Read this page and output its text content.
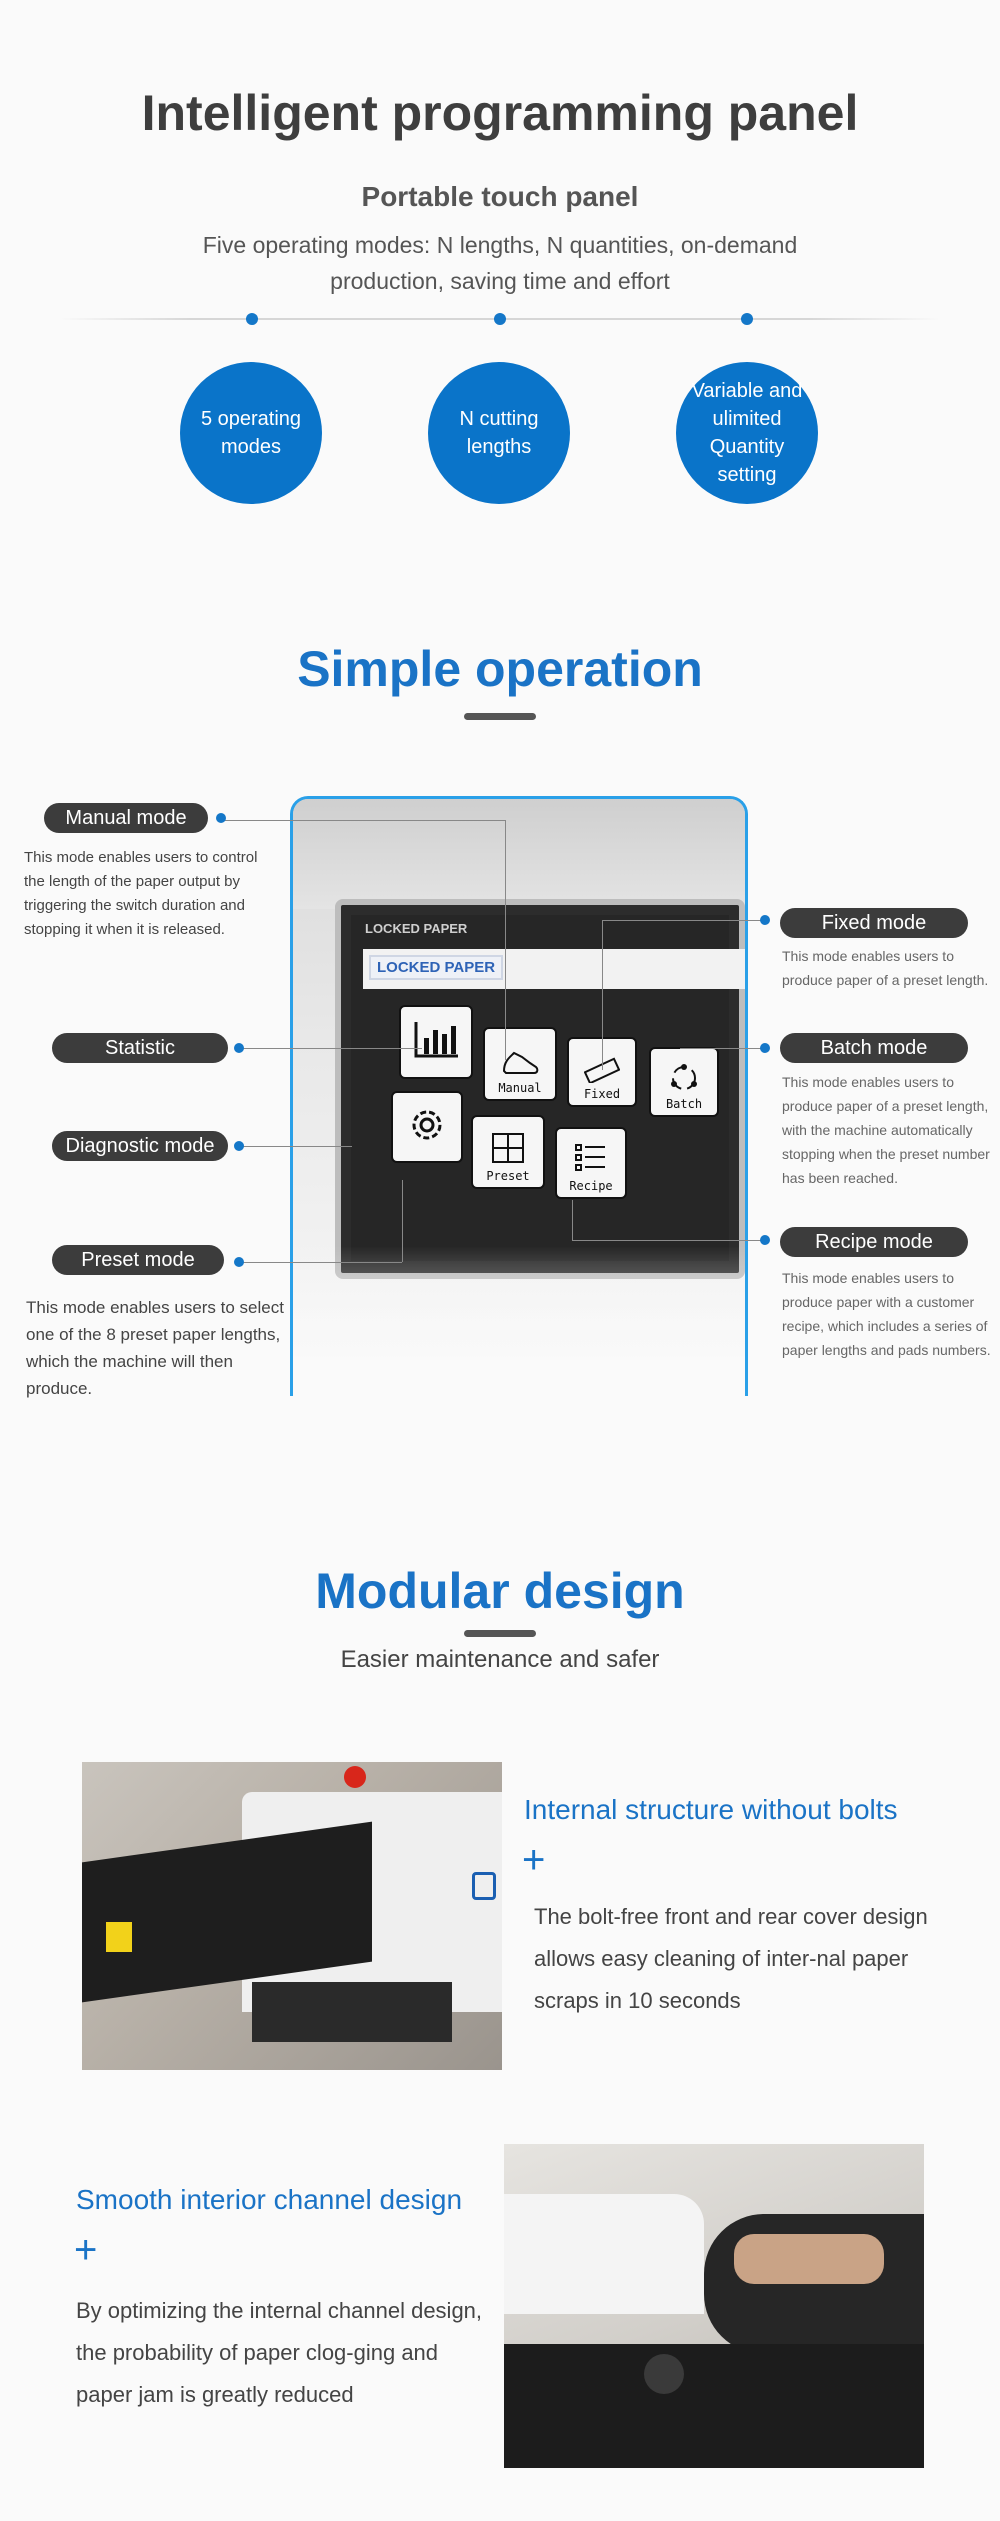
Intelligent programming panel
Portable touch panel
Five operating modes: N lengths, N quantities, on-demand production, saving time and effort
5 operating modes
N cutting lengths
Variable and ulimited Quantity setting
Simple operation
LOCKED PAPER
LOCKED PAPER
Manual	Fixed
Batch
Preset
Recipe
Manual mode
This mode enables users to control the length of the paper output by triggering the switch duration and stopping it when it is released.
Statistic
Diagnostic mode
Preset mode
This mode enables users to select one of the 8 preset paper lengths, which the machine will then produce.
Fixed mode
This mode enables users to produce paper of a preset length.
Batch mode
This mode enables users to produce paper of a preset length, with the machine automatically stopping when the preset number has been reached.
Recipe mode
This mode enables users to produce paper with a customer recipe, which includes a series of paper lengths and pads numbers.
Modular design
Easier maintenance and safer
Internal structure without bolts
+
The bolt-free front and rear cover design allows easy cleaning of inter-nal paper scraps in 10 seconds
Smooth interior channel design
+
By optimizing the internal channel design, the probability of paper clog-ging and paper jam is greatly reduced
